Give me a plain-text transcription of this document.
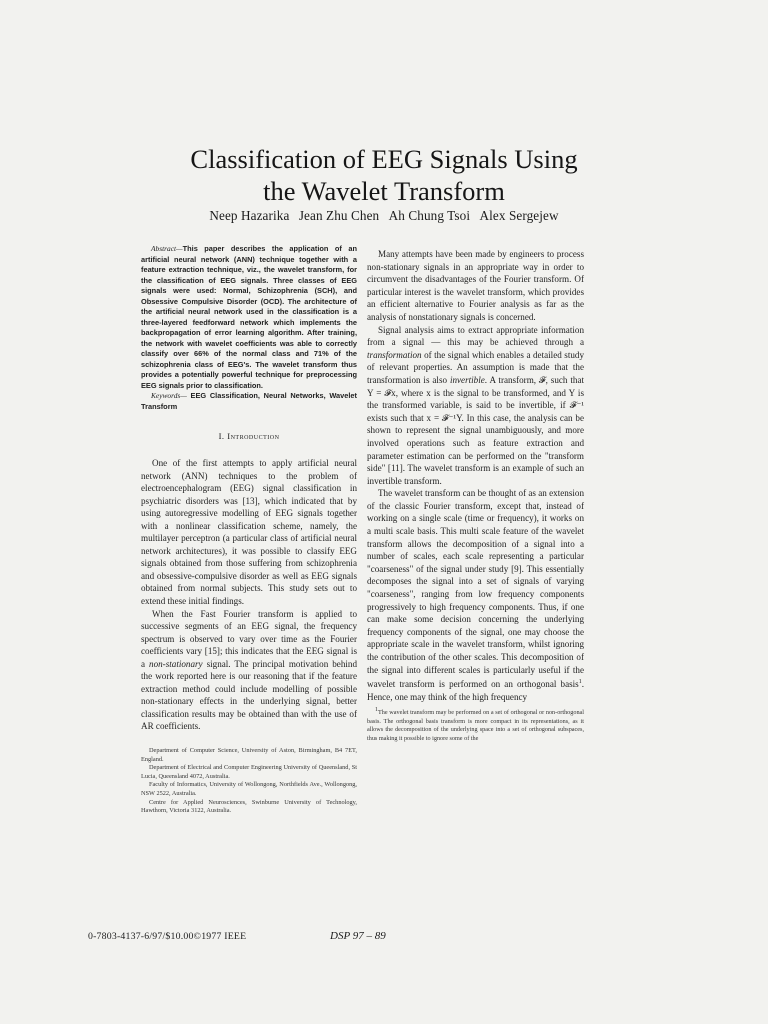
Classification of EEG Signals Using
the Wavelet Transform
Neep Hazarika Jean Zhu Chen Ah Chung Tsoi Alex Sergejew

Abstract—This paper describes the application of an artificial neural network (ANN) technique together with a feature extraction technique, viz., the wavelet transform, for the classification of EEG signals. Three classes of EEG signals were used: Normal, Schizophrenia (SCH), and Obsessive Compulsive Disorder (OCD). The architecture of the artificial neural network used in the classification is a three-layered feedforward network which implements the backpropagation of error learning algorithm. After training, the network with wavelet coefficients was able to correctly classify over 66% of the normal class and 71% of the schizophrenia class of EEG's. The wavelet transform thus provides a potentially powerful technique for preprocessing EEG signals prior to classification.

Keywords— EEG Classification, Neural Networks, Wavelet Transform

I. Introduction

One of the first attempts to apply artificial neural network (ANN) techniques to the problem of electroencephalogram (EEG) signal classification in psychiatric disorders was [13], which indicated that by using autoregressive modelling of EEG signals together with a nonlinear classification scheme, namely, the multilayer perceptron (a particular class of artificial neural network architectures), it was possible to classify EEG signals obtained from those suffering from schizophrenia and obsessive-compulsive disorder as well as EEG signals obtained from normal subjects. This study sets out to extend these initial findings.

When the Fast Fourier transform is applied to successive segments of an EEG signal, the frequency spectrum is observed to vary over time as the Fourier coefficients vary [15]; this indicates that the EEG signal is a non-stationary signal. The principal motivation behind the work reported here is our reasoning that if the feature extraction method could include modelling of possible non-stationary effects in the underlying signal, better classification results may be obtained than with the use of AR coefficients.

Department of Computer Science, University of Aston, Birmingham, B4 7ET, England.

Department of Electrical and Computer Engineering University of Queensland, St Lucia, Queensland 4072, Australia.

Faculty of Informatics, University of Wollongong, Northfields Ave., Wollongong, NSW 2522, Australia.

Centre for Applied Neurosciences, Swinburne University of Technology, Hawthorn, Victoria 3122, Australia.

Many attempts have been made by engineers to process non-stationary signals in an appropriate way in order to circumvent the disadvantages of the Fourier transform. Of particular interest is the wavelet transform, which provides an efficient alternative to Fourier analysis as far as the analysis of nonstationary signals is concerned.

Signal analysis aims to extract appropriate information from a signal — this may be achieved through a transformation of the signal which enables a detailed study of relevant properties. An assumption is made that the transformation is also invertible. A transform, 𝓕, such that Y = 𝓕x, where x is the signal to be transformed, and Y is the transformed variable, is said to be invertible, if 𝓕⁻¹ exists such that x = 𝓕⁻¹Y. In this case, the analysis can be shown to represent the signal unambiguously, and more involved operations such as feature extraction and parameter estimation can be performed on the "transform side" [11]. The wavelet transform is an example of such an invertible transform.

The wavelet transform can be thought of as an extension of the classic Fourier transform, except that, instead of working on a single scale (time or frequency), it works on a multi scale basis. This multi scale feature of the wavelet transform allows the decomposition of a signal into a number of scales, each scale representing a particular "coarseness" of the signal under study [9]. This essentially decomposes the signal into a set of signals of varying "coarseness", ranging from low frequency components progressively to high frequency components. Thus, if one can make some decision concerning the underlying frequency components of the signal, one may choose the appropriate scale in the wavelet transform, whilst ignoring the contribution of the other scales. This decomposition of the signal into different scales is particularly useful if the wavelet transform is performed on an orthogonal basis$^1$. Hence, one may think of the high frequency

$^1$The wavelet transform may be performed on a set of orthogonal or non-orthogonal basis. The orthogonal basis transform is more compact in its representations, as it allows the decomposition of the underlying space into a set of orthogonal subspaces, thus making it possible to ignore some of the

0-7803-4137-6/97/$10.00©1977 IEEE	DSP 97 – 89
